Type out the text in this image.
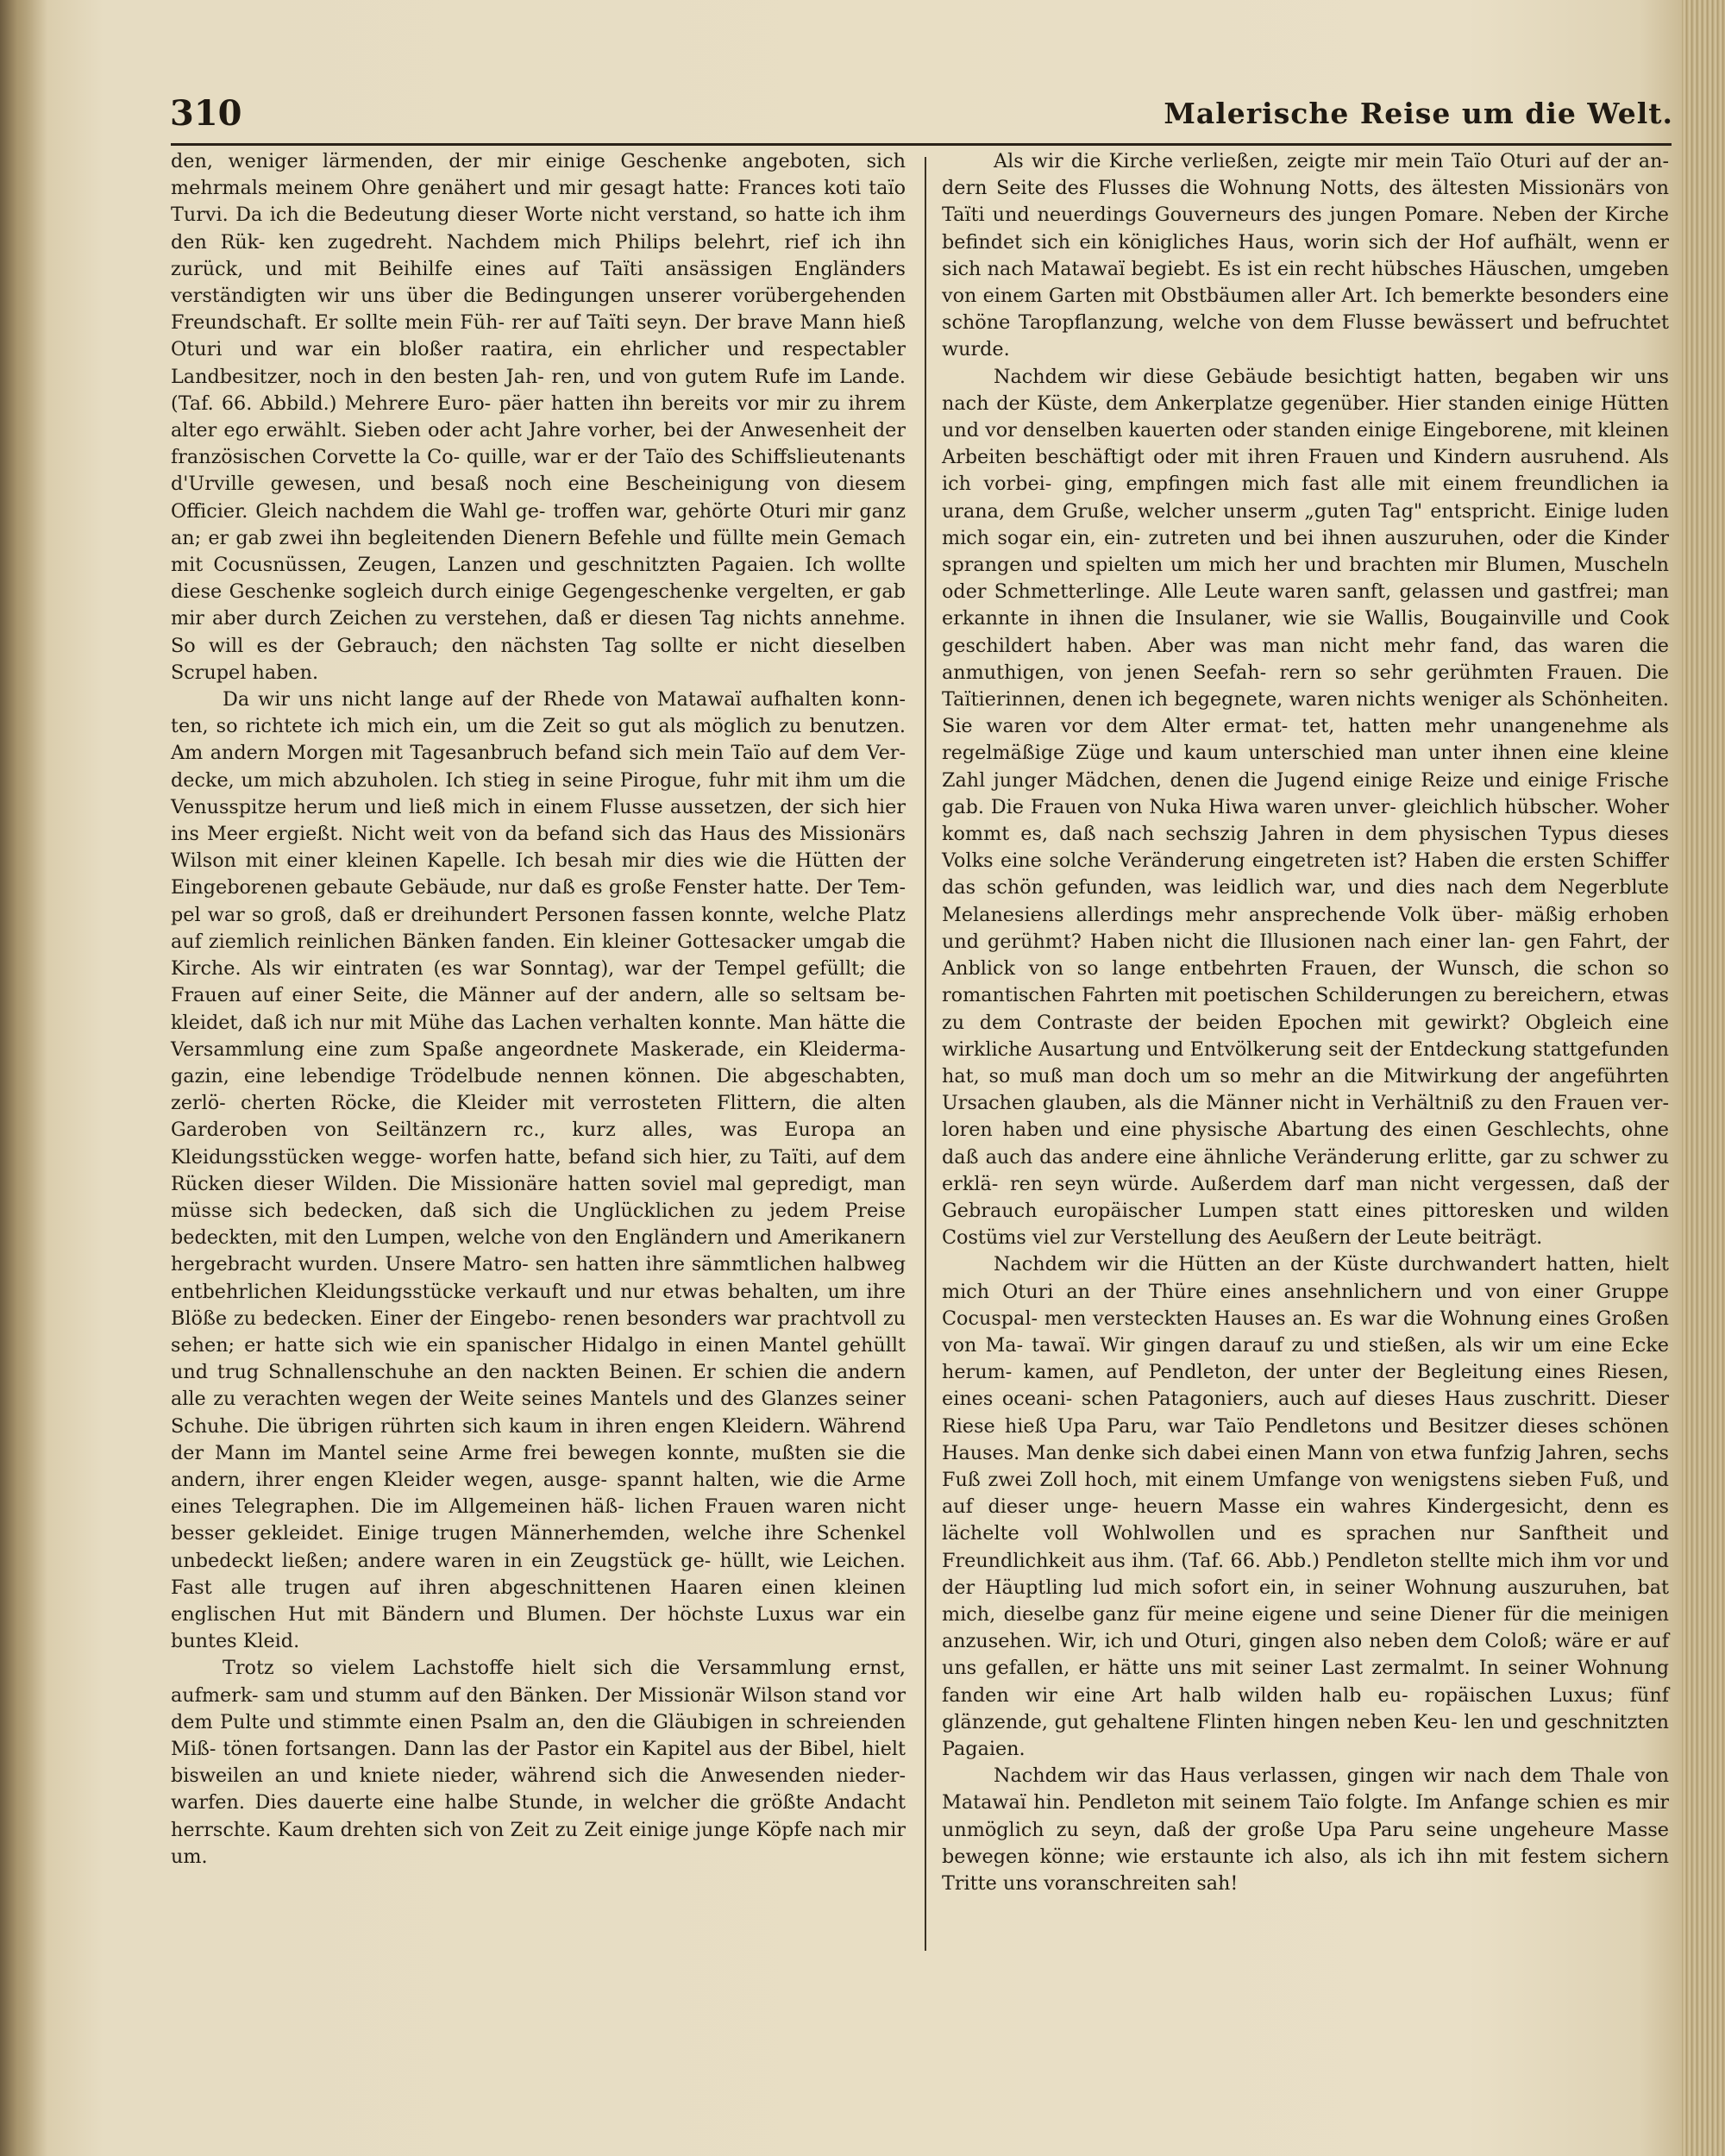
310	Malerische Reise um die Welt.

den, weniger lärmenden, der mir einige Geschenke angeboten, sich mehrmals meinem Ohre genähert und mir gesagt hatte: Frances koti taïo Turvi. Da ich die Bedeutung dieser Worte nicht verstand, so hatte ich ihm den Rük- ken zugedreht. Nachdem mich Philips belehrt, rief ich ihn zurück, und mit Beihilfe eines auf Taïti ansässigen Engländers verständigten wir uns über die Bedingungen unserer vorübergehenden Freundschaft. Er sollte mein Füh- rer auf Taïti seyn. Der brave Mann hieß Oturi und war ein bloßer raatira, ein ehrlicher und respectabler Landbesitzer, noch in den besten Jah- ren, und von gutem Rufe im Lande. (Taf. 66. Abbild.) Mehrere Euro- päer hatten ihn bereits vor mir zu ihrem alter ego erwählt. Sieben oder acht Jahre vorher, bei der Anwesenheit der französischen Corvette la Co- quille, war er der Taïo des Schiffslieutenants d'Urville gewesen, und besaß noch eine Bescheinigung von diesem Officier. Gleich nachdem die Wahl ge- troffen war, gehörte Oturi mir ganz an; er gab zwei ihn begleitenden Dienern Befehle und füllte mein Gemach mit Cocusnüssen, Zeugen, Lanzen und geschnitzten Pagaien. Ich wollte diese Geschenke sogleich durch einige Gegengeschenke vergelten, er gab mir aber durch Zeichen zu verstehen, daß er diesen Tag nichts annehme. So will es der Gebrauch; den nächsten Tag sollte er nicht dieselben Scrupel haben.

Da wir uns nicht lange auf der Rhede von Matawaï aufhalten konn- ten, so richtete ich mich ein, um die Zeit so gut als möglich zu benutzen. Am andern Morgen mit Tagesanbruch befand sich mein Taïo auf dem Ver- decke, um mich abzuholen. Ich stieg in seine Pirogue, fuhr mit ihm um die Venusspitze herum und ließ mich in einem Flusse aussetzen, der sich hier ins Meer ergießt. Nicht weit von da befand sich das Haus des Missionärs Wilson mit einer kleinen Kapelle. Ich besah mir dies wie die Hütten der Eingeborenen gebaute Gebäude, nur daß es große Fenster hatte. Der Tem- pel war so groß, daß er dreihundert Personen fassen konnte, welche Platz auf ziemlich reinlichen Bänken fanden. Ein kleiner Gottesacker umgab die Kirche. Als wir eintraten (es war Sonntag), war der Tempel gefüllt; die Frauen auf einer Seite, die Männer auf der andern, alle so seltsam be- kleidet, daß ich nur mit Mühe das Lachen verhalten konnte. Man hätte die Versammlung eine zum Spaße angeordnete Maskerade, ein Kleiderma- gazin, eine lebendige Trödelbude nennen können. Die abgeschabten, zerlö- cherten Röcke, die Kleider mit verrosteten Flittern, die alten Garderoben von Seiltänzern rc., kurz alles, was Europa an Kleidungsstücken wegge- worfen hatte, befand sich hier, zu Taïti, auf dem Rücken dieser Wilden. Die Missionäre hatten soviel mal gepredigt, man müsse sich bedecken, daß sich die Unglücklichen zu jedem Preise bedeckten, mit den Lumpen, welche von den Engländern und Amerikanern hergebracht wurden. Unsere Matro- sen hatten ihre sämmtlichen halbweg entbehrlichen Kleidungsstücke verkauft und nur etwas behalten, um ihre Blöße zu bedecken. Einer der Eingebo- renen besonders war prachtvoll zu sehen; er hatte sich wie ein spanischer Hidalgo in einen Mantel gehüllt und trug Schnallenschuhe an den nackten Beinen. Er schien die andern alle zu verachten wegen der Weite seines Mantels und des Glanzes seiner Schuhe. Die übrigen rührten sich kaum in ihren engen Kleidern. Während der Mann im Mantel seine Arme frei bewegen konnte, mußten sie die andern, ihrer engen Kleider wegen, ausge- spannt halten, wie die Arme eines Telegraphen. Die im Allgemeinen häß- lichen Frauen waren nicht besser gekleidet. Einige trugen Männerhemden, welche ihre Schenkel unbedeckt ließen; andere waren in ein Zeugstück ge- hüllt, wie Leichen. Fast alle trugen auf ihren abgeschnittenen Haaren einen kleinen englischen Hut mit Bändern und Blumen. Der höchste Luxus war ein buntes Kleid.

Trotz so vielem Lachstoffe hielt sich die Versammlung ernst, aufmerk- sam und stumm auf den Bänken. Der Missionär Wilson stand vor dem Pulte und stimmte einen Psalm an, den die Gläubigen in schreienden Miß- tönen fortsangen. Dann las der Pastor ein Kapitel aus der Bibel, hielt bisweilen an und kniete nieder, während sich die Anwesenden nieder- warfen. Dies dauerte eine halbe Stunde, in welcher die größte Andacht herrschte. Kaum drehten sich von Zeit zu Zeit einige junge Köpfe nach mir um.

Als wir die Kirche verließen, zeigte mir mein Taïo Oturi auf der an- dern Seite des Flusses die Wohnung Notts, des ältesten Missionärs von Taïti und neuerdings Gouverneurs des jungen Pomare. Neben der Kirche befindet sich ein königliches Haus, worin sich der Hof aufhält, wenn er sich nach Matawaï begiebt. Es ist ein recht hübsches Häuschen, umgeben von einem Garten mit Obstbäumen aller Art. Ich bemerkte besonders eine schöne Taropflanzung, welche von dem Flusse bewässert und befruchtet wurde.

Nachdem wir diese Gebäude besichtigt hatten, begaben wir uns nach der Küste, dem Ankerplatze gegenüber. Hier standen einige Hütten und vor denselben kauerten oder standen einige Eingeborene, mit kleinen Arbeiten beschäftigt oder mit ihren Frauen und Kindern ausruhend. Als ich vorbei- ging, empfingen mich fast alle mit einem freundlichen ia urana, dem Gruße, welcher unserm „guten Tag" entspricht. Einige luden mich sogar ein, ein- zutreten und bei ihnen auszuruhen, oder die Kinder sprangen und spielten um mich her und brachten mir Blumen, Muscheln oder Schmetterlinge. Alle Leute waren sanft, gelassen und gastfrei; man erkannte in ihnen die Insulaner, wie sie Wallis, Bougainville und Cook geschildert haben. Aber was man nicht mehr fand, das waren die anmuthigen, von jenen Seefah- rern so sehr gerühmten Frauen. Die Taïtierinnen, denen ich begegnete, waren nichts weniger als Schönheiten. Sie waren vor dem Alter ermat- tet, hatten mehr unangenehme als regelmäßige Züge und kaum unterschied man unter ihnen eine kleine Zahl junger Mädchen, denen die Jugend einige Reize und einige Frische gab. Die Frauen von Nuka Hiwa waren unver- gleichlich hübscher. Woher kommt es, daß nach sechszig Jahren in dem physischen Typus dieses Volks eine solche Veränderung eingetreten ist? Haben die ersten Schiffer das schön gefunden, was leidlich war, und dies nach dem Negerblute Melanesiens allerdings mehr ansprechende Volk über- mäßig erhoben und gerühmt? Haben nicht die Illusionen nach einer lan- gen Fahrt, der Anblick von so lange entbehrten Frauen, der Wunsch, die schon so romantischen Fahrten mit poetischen Schilderungen zu bereichern, etwas zu dem Contraste der beiden Epochen mit gewirkt? Obgleich eine wirkliche Ausartung und Entvölkerung seit der Entdeckung stattgefunden hat, so muß man doch um so mehr an die Mitwirkung der angeführten Ursachen glauben, als die Männer nicht in Verhältniß zu den Frauen ver- loren haben und eine physische Abartung des einen Geschlechts, ohne daß auch das andere eine ähnliche Veränderung erlitte, gar zu schwer zu erklä- ren seyn würde. Außerdem darf man nicht vergessen, daß der Gebrauch europäischer Lumpen statt eines pittoresken und wilden Costüms viel zur Verstellung des Aeußern der Leute beiträgt.

Nachdem wir die Hütten an der Küste durchwandert hatten, hielt mich Oturi an der Thüre eines ansehnlichern und von einer Gruppe Cocuspal- men versteckten Hauses an. Es war die Wohnung eines Großen von Ma- tawaï. Wir gingen darauf zu und stießen, als wir um eine Ecke herum- kamen, auf Pendleton, der unter der Begleitung eines Riesen, eines oceani- schen Patagoniers, auch auf dieses Haus zuschritt. Dieser Riese hieß Upa Paru, war Taïo Pendletons und Besitzer dieses schönen Hauses. Man denke sich dabei einen Mann von etwa funfzig Jahren, sechs Fuß zwei Zoll hoch, mit einem Umfange von wenigstens sieben Fuß, und auf dieser unge- heuern Masse ein wahres Kindergesicht, denn es lächelte voll Wohlwollen und es sprachen nur Sanftheit und Freundlichkeit aus ihm. (Taf. 66. Abb.) Pendleton stellte mich ihm vor und der Häuptling lud mich sofort ein, in seiner Wohnung auszuruhen, bat mich, dieselbe ganz für meine eigene und seine Diener für die meinigen anzusehen. Wir, ich und Oturi, gingen also neben dem Coloß; wäre er auf uns gefallen, er hätte uns mit seiner Last zermalmt. In seiner Wohnung fanden wir eine Art halb wilden halb eu- ropäischen Luxus; fünf glänzende, gut gehaltene Flinten hingen neben Keu- len und geschnitzten Pagaien.

Nachdem wir das Haus verlassen, gingen wir nach dem Thale von Matawaï hin. Pendleton mit seinem Taïo folgte. Im Anfange schien es mir unmöglich zu seyn, daß der große Upa Paru seine ungeheure Masse bewegen könne; wie erstaunte ich also, als ich ihn mit festem sichern Tritte uns voranschreiten sah!
